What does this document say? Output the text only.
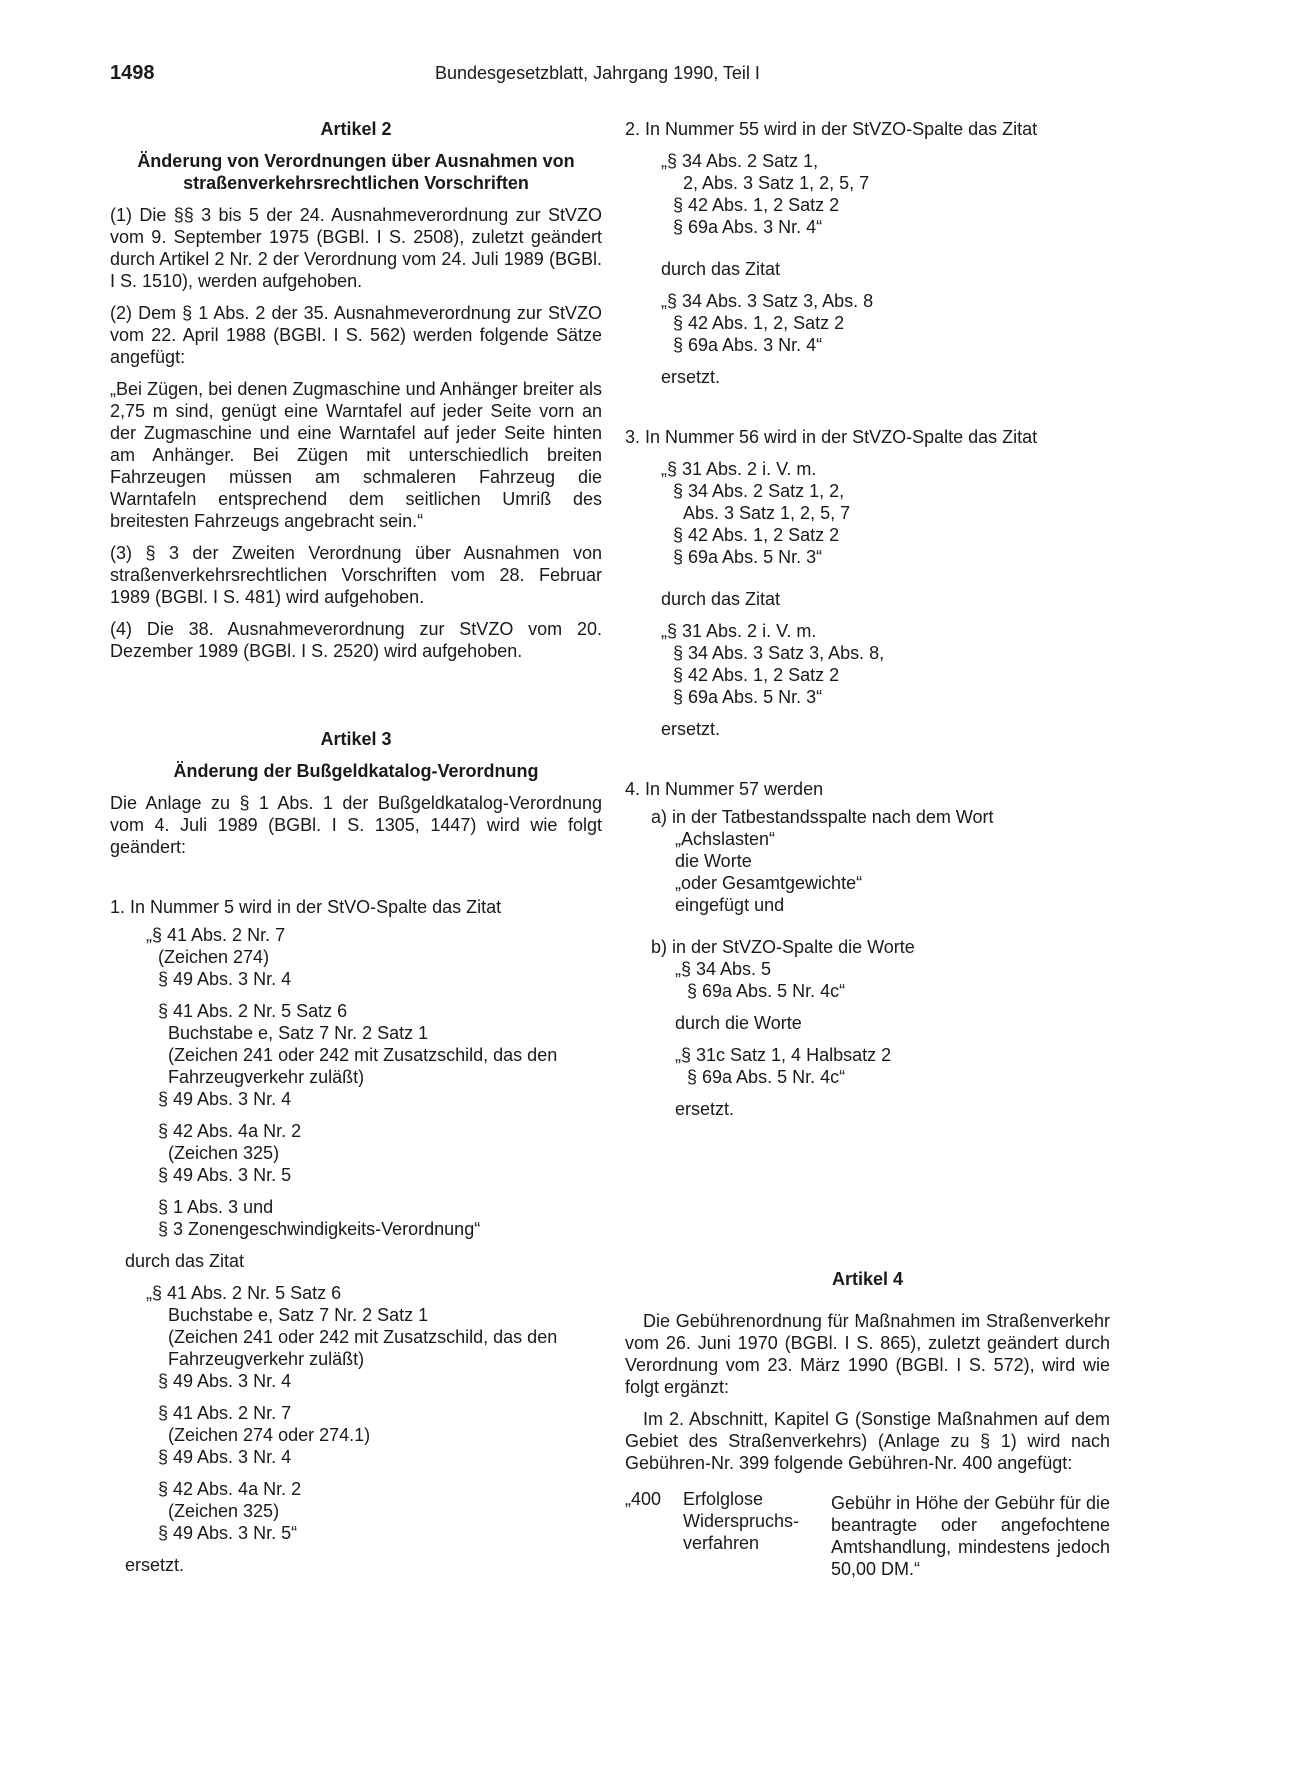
1498	Bundesgesetzblatt, Jahrgang 1990, Teil I

Artikel 2

Änderung von Verordnungen über Ausnahmen von

straßenverkehrsrechtlichen Vorschriften

(1) Die §§ 3 bis 5 der 24. Ausnahmeverordnung zur StVZO vom 9. September 1975 (BGBl. I S. 2508), zuletzt geändert durch Artikel 2 Nr. 2 der Verordnung vom 24. Juli 1989 (BGBl. I S. 1510), werden aufgehoben.

(2) Dem § 1 Abs. 2 der 35. Ausnahmeverordnung zur StVZO vom 22. April 1988 (BGBl. I S. 562) werden folgende Sätze angefügt:

„Bei Zügen, bei denen Zugmaschine und Anhänger breiter als 2,75 m sind, genügt eine Warntafel auf jeder Seite vorn an der Zugmaschine und eine Warntafel auf jeder Seite hinten am Anhänger. Bei Zügen mit unterschiedlich breiten Fahrzeugen müssen am schmaleren Fahrzeug die Warntafeln entsprechend dem seitlichen Umriß des breitesten Fahrzeugs angebracht sein.“

(3) § 3 der Zweiten Verordnung über Ausnahmen von straßenverkehrsrechtlichen Vorschriften vom 28. Februar 1989 (BGBl. I S. 481) wird aufgehoben.

(4) Die 38. Ausnahmeverordnung zur StVZO vom 20. Dezember 1989 (BGBl. I S. 2520) wird aufgehoben.

Artikel 3

Änderung der Bußgeldkatalog-Verordnung

Die Anlage zu § 1 Abs. 1 der Bußgeldkatalog-Verordnung vom 4. Juli 1989 (BGBl. I S. 1305, 1447) wird wie folgt geändert:

1. In Nummer 5 wird in der StVO-Spalte das Zitat

„§ 41 Abs. 2 Nr. 7

(Zeichen 274)

§ 49 Abs. 3 Nr. 4

§ 41 Abs. 2 Nr. 5 Satz 6

Buchstabe e, Satz 7 Nr. 2 Satz 1

(Zeichen 241 oder 242 mit Zusatzschild, das den

Fahrzeugverkehr zuläßt)

§ 49 Abs. 3 Nr. 4

§ 42 Abs. 4a Nr. 2

(Zeichen 325)

§ 49 Abs. 3 Nr. 5

§ 1 Abs. 3 und

§ 3 Zonengeschwindigkeits-Verordnung“

durch das Zitat

„§ 41 Abs. 2 Nr. 5 Satz 6

Buchstabe e, Satz 7 Nr. 2 Satz 1

(Zeichen 241 oder 242 mit Zusatzschild, das den

Fahrzeugverkehr zuläßt)

§ 49 Abs. 3 Nr. 4

§ 41 Abs. 2 Nr. 7

(Zeichen 274 oder 274.1)

§ 49 Abs. 3 Nr. 4

§ 42 Abs. 4a Nr. 2

(Zeichen 325)

§ 49 Abs. 3 Nr. 5“

ersetzt.

2. In Nummer 55 wird in der StVZO-Spalte das Zitat

„§ 34 Abs. 2 Satz 1,

2, Abs. 3 Satz 1, 2, 5, 7

§ 42 Abs. 1, 2 Satz 2

§ 69a Abs. 3 Nr. 4“

durch das Zitat

„§ 34 Abs. 3 Satz 3, Abs. 8

§ 42 Abs. 1, 2, Satz 2

§ 69a Abs. 3 Nr. 4“

ersetzt.

3. In Nummer 56 wird in der StVZO-Spalte das Zitat

„§ 31 Abs. 2 i. V. m.

§ 34 Abs. 2 Satz 1, 2,

Abs. 3 Satz 1, 2, 5, 7

§ 42 Abs. 1, 2 Satz 2

§ 69a Abs. 5 Nr. 3“

durch das Zitat

„§ 31 Abs. 2 i. V. m.

§ 34 Abs. 3 Satz 3, Abs. 8,

§ 42 Abs. 1, 2 Satz 2

§ 69a Abs. 5 Nr. 3“

ersetzt.

4. In Nummer 57 werden

a) in der Tatbestandsspalte nach dem Wort

„Achslasten“

die Worte

„oder Gesamtgewichte“

eingefügt und

b) in der StVZO-Spalte die Worte

„§ 34 Abs. 5

§ 69a Abs. 5 Nr. 4c“

durch die Worte

„§ 31c Satz 1, 4 Halbsatz 2

§ 69a Abs. 5 Nr. 4c“

ersetzt.

Artikel 4

Die Gebührenordnung für Maßnahmen im Straßenverkehr vom 26. Juni 1970 (BGBl. I S. 865), zuletzt geändert durch Verordnung vom 23. März 1990 (BGBl. I S. 572), wird wie folgt ergänzt:

Im 2. Abschnitt, Kapitel G (Sonstige Maßnahmen auf dem Gebiet des Straßenverkehrs) (Anlage zu § 1) wird nach Gebühren-Nr. 399 folgende Gebühren-Nr. 400 angefügt:

„400	Erfolglose
Widerspruchs-
verfahren
	Gebühr in Höhe der Gebühr für die beantragte oder angefochtene Amtshandlung, mindestens jedoch 50,00 DM.“
